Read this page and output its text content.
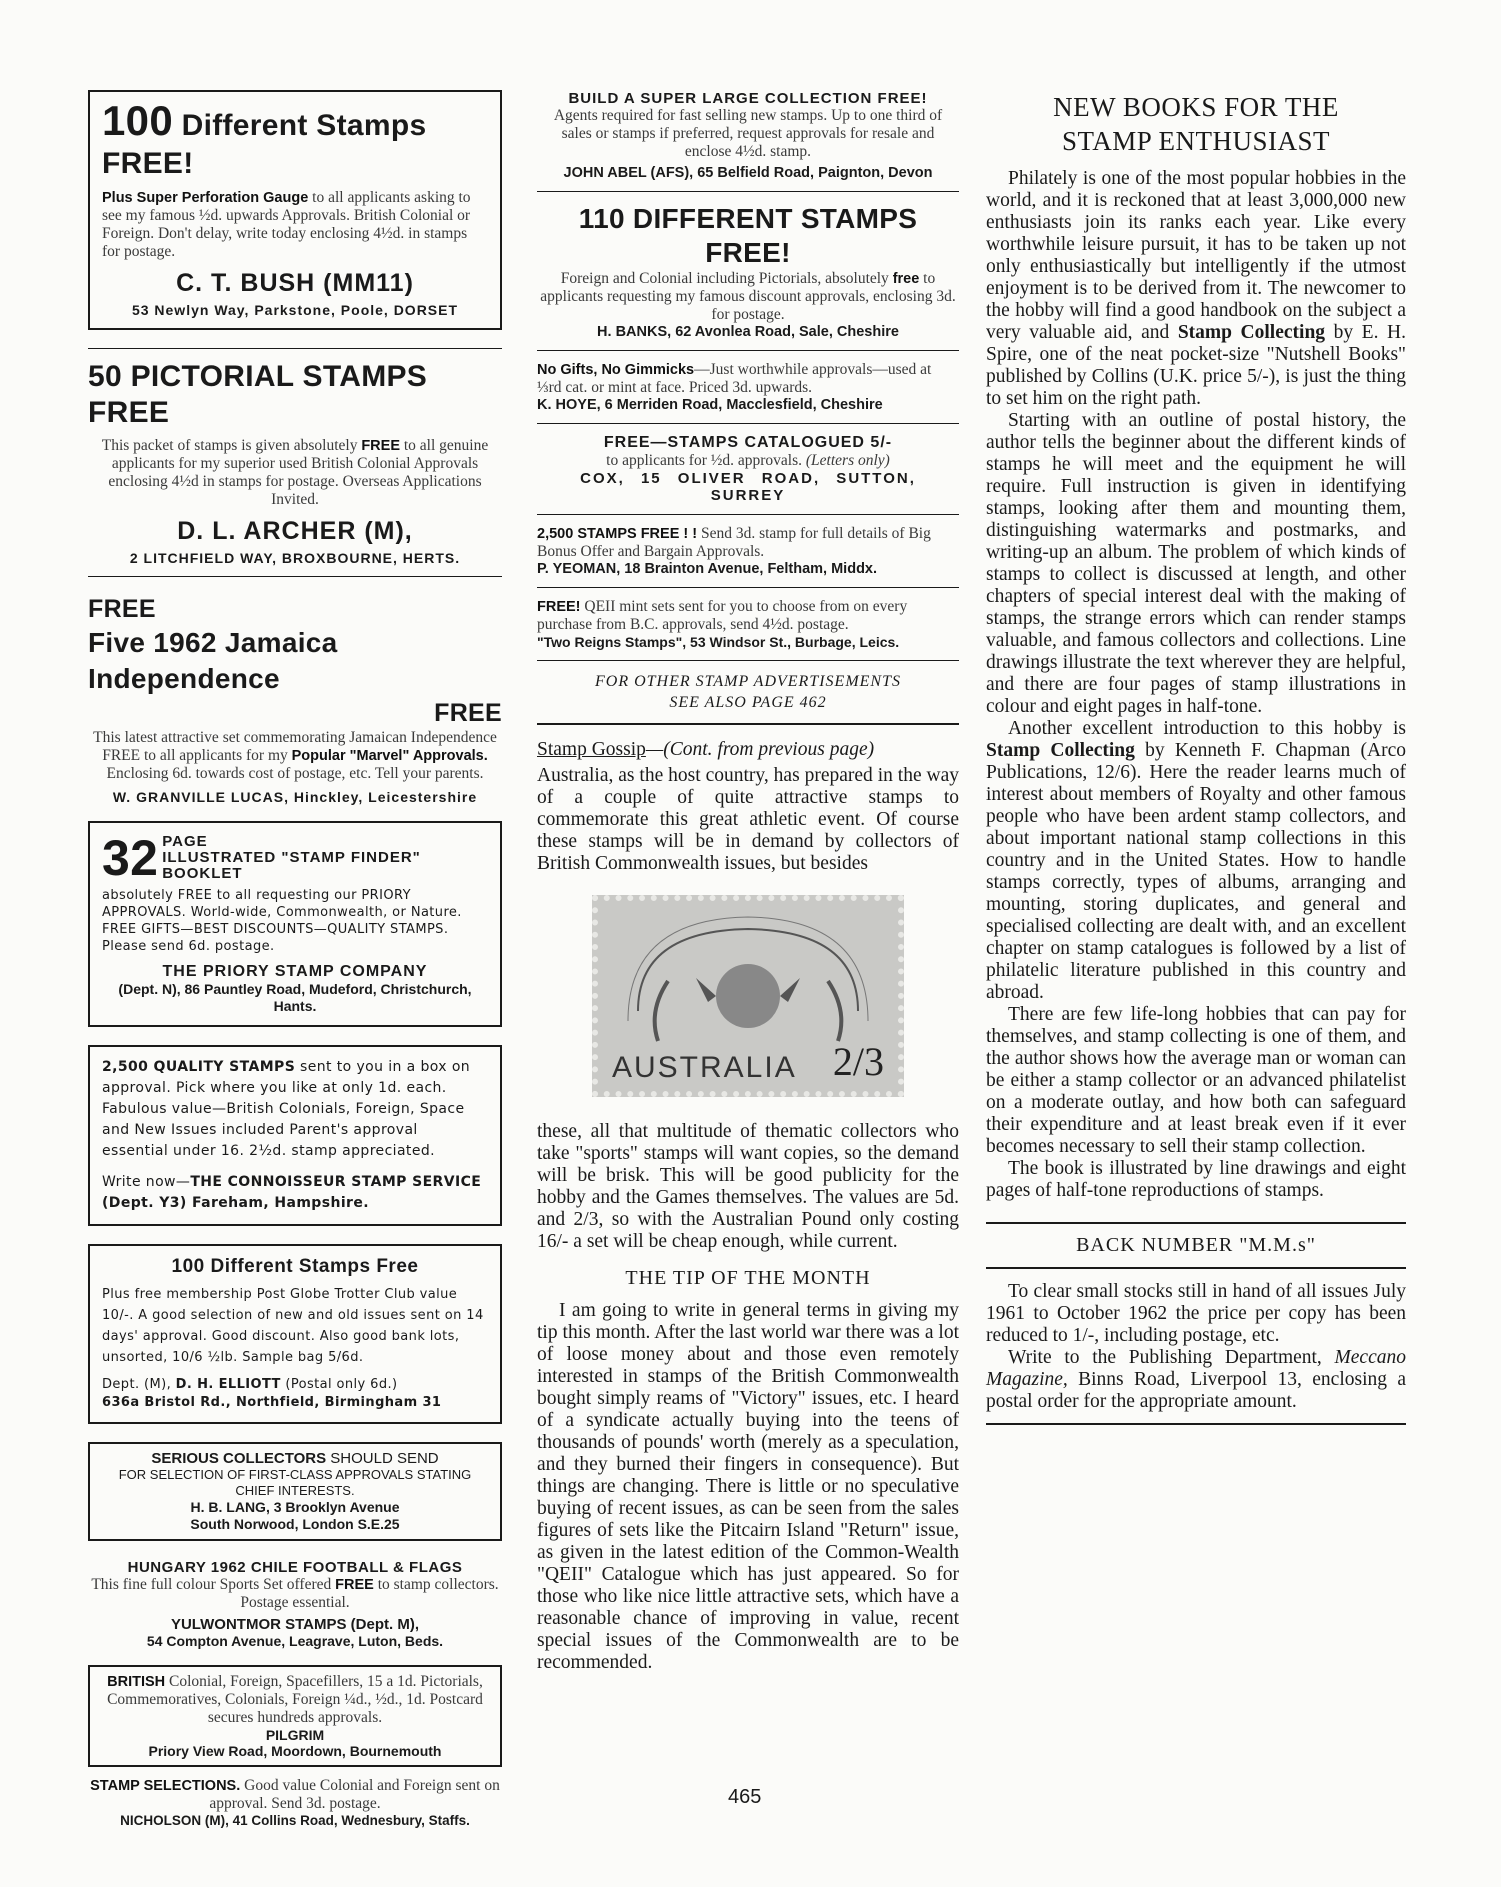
100 Different Stamps FREE!

Plus Super Perforation Gauge to all applicants asking to see my famous ½d. upwards Approvals. British Colonial or Foreign. Don't delay, write today enclosing 4½d. in stamps for postage.

C. T. BUSH (MM11)

53 Newlyn Way, Parkstone, Poole, DORSET

50 PICTORIAL STAMPS FREE

This packet of stamps is given absolutely FREE to all genuine applicants for my superior used British Colonial Approvals enclosing 4½d in stamps for postage. Overseas Applications Invited.

D. L. ARCHER (M),

2 LITCHFIELD WAY, BROXBOURNE, HERTS.

FREE

Five 1962 Jamaica Independence

FREE

This latest attractive set commemorating Jamaican Independence FREE to all applicants for my Popular "Marvel" Approvals. Enclosing 6d. towards cost of postage, etc. Tell your parents.

W. GRANVILLE LUCAS, Hinckley, Leicestershire

32 PAGE
ILLUSTRATED "STAMP FINDER"
BOOKLET

absolutely FREE to all requesting our PRIORY APPROVALS. World-wide, Commonwealth, or Nature. FREE GIFTS—BEST DISCOUNTS—QUALITY STAMPS. Please send 6d. postage.

THE PRIORY STAMP COMPANY

(Dept. N), 86 Pauntley Road, Mudeford, Christchurch, Hants.

2,500 QUALITY STAMPS sent to you in a box on approval. Pick where you like at only 1d. each. Fabulous value—British Colonials, Foreign, Space and New Issues included Parent's approval essential under 16. 2½d. stamp appreciated.

Write now—THE CONNOISSEUR STAMP SERVICE (Dept. Y3) Fareham, Hampshire.

100 Different Stamps Free

Plus free membership Post Globe Trotter Club value 10/-. A good selection of new and old issues sent on 14 days' approval. Good discount. Also good bank lots, unsorted, 10/6 ½lb. Sample bag 5/6d.

Dept. (M), D. H. ELLIOTT (Postal only 6d.)

636a Bristol Rd., Northfield, Birmingham 31

SERIOUS COLLECTORS SHOULD SEND

FOR SELECTION OF FIRST-CLASS APPROVALS STATING CHIEF INTERESTS.

H. B. LANG, 3 Brooklyn Avenue

South Norwood, London S.E.25

HUNGARY 1962 CHILE FOOTBALL & FLAGS

This fine full colour Sports Set offered FREE to stamp collectors. Postage essential.

YULWONTMOR STAMPS (Dept. M),

54 Compton Avenue, Leagrave, Luton, Beds.

BRITISH Colonial, Foreign, Spacefillers, 15 a 1d. Pictorials, Commemoratives, Colonials, Foreign ¼d., ½d., 1d. Postcard secures hundreds approvals.

PILGRIM

Priory View Road, Moordown, Bournemouth

STAMP SELECTIONS. Good value Colonial and Foreign sent on approval. Send 3d. postage.

NICHOLSON (M), 41 Collins Road, Wednesbury, Staffs.

BUILD A SUPER LARGE COLLECTION FREE!

Agents required for fast selling new stamps. Up to one third of sales or stamps if preferred, request approvals for resale and enclose 4½d. stamp.

JOHN ABEL (AFS), 65 Belfield Road, Paignton, Devon

110 DIFFERENT STAMPS FREE!

Foreign and Colonial including Pictorials, absolutely free to applicants requesting my famous discount approvals, enclosing 3d. for postage.

H. BANKS, 62 Avonlea Road, Sale, Cheshire

No Gifts, No Gimmicks—Just worthwhile approvals—used at ⅓rd cat. or mint at face. Priced 3d. upwards.

K. HOYE, 6 Merriden Road, Macclesfield, Cheshire

FREE—STAMPS CATALOGUED 5/-

to applicants for ½d. approvals. (Letters only)

COX, 15 OLIVER ROAD, SUTTON, SURREY

2,500 STAMPS FREE ! ! Send 3d. stamp for full details of Big Bonus Offer and Bargain Approvals.

P. YEOMAN, 18 Brainton Avenue, Feltham, Middx.

FREE! QEII mint sets sent for you to choose from on every purchase from B.C. approvals, send 4½d. postage.

"Two Reigns Stamps", 53 Windsor St., Burbage, Leics.

FOR OTHER STAMP ADVERTISEMENTS

SEE ALSO PAGE 462

Stamp Gossip—(Cont. from previous page)

Australia, as the host country, has prepared in the way of a couple of quite attractive stamps to commemorate this great athletic event. Of course these stamps will be in demand by collectors of British Commonwealth issues, but besides

AUSTRALIA 2/3

these, all that multitude of thematic collectors who take "sports" stamps will want copies, so the demand will be brisk. This will be good publicity for the hobby and the Games themselves. The values are 5d. and 2/3, so with the Australian Pound only costing 16/- a set will be cheap enough, while current.

THE TIP OF THE MONTH

I am going to write in general terms in giving my tip this month. After the last world war there was a lot of loose money about and those even remotely interested in stamps of the British Commonwealth bought simply reams of "Victory" issues, etc. I heard of a syndicate actually buying into the teens of thousands of pounds' worth (merely as a speculation, and they burned their fingers in consequence). But things are changing. There is little or no speculative buying of recent issues, as can be seen from the sales figures of sets like the Pitcairn Island "Return" issue, as given in the latest edition of the Common-Wealth "QEII" Catalogue which has just appeared. So for those who like nice little attractive sets, which have a reasonable chance of improving in value, recent special issues of the Commonwealth are to be recommended.

NEW BOOKS FOR THE
STAMP ENTHUSIAST

Philately is one of the most popular hobbies in the world, and it is reckoned that at least 3,000,000 new enthusiasts join its ranks each year. Like every worthwhile leisure pursuit, it has to be taken up not only enthusiastically but intelligently if the utmost enjoyment is to be derived from it. The newcomer to the hobby will find a good handbook on the subject a very valuable aid, and Stamp Collecting by E. H. Spire, one of the neat pocket-size "Nutshell Books" published by Collins (U.K. price 5/-), is just the thing to set him on the right path.

Starting with an outline of postal history, the author tells the beginner about the different kinds of stamps he will meet and the equipment he will require. Full instruction is given in identifying stamps, looking after them and mounting them, distinguishing watermarks and postmarks, and writing-up an album. The problem of which kinds of stamps to collect is discussed at length, and other chapters of special interest deal with the making of stamps, the strange errors which can render stamps valuable, and famous collectors and collections. Line drawings illustrate the text wherever they are helpful, and there are four pages of stamp illustrations in colour and eight pages in half-tone.

Another excellent introduction to this hobby is Stamp Collecting by Kenneth F. Chapman (Arco Publications, 12/6). Here the reader learns much of interest about members of Royalty and other famous people who have been ardent stamp collectors, and about important national stamp collections in this country and in the United States. How to handle stamps correctly, types of albums, arranging and mounting, storing duplicates, and general and specialised collecting are dealt with, and an excellent chapter on stamp catalogues is followed by a list of philatelic literature published in this country and abroad.

There are few life-long hobbies that can pay for themselves, and stamp collecting is one of them, and the author shows how the average man or woman can be either a stamp collector or an advanced philatelist on a moderate outlay, and how both can safeguard their expenditure and at least break even if it ever becomes necessary to sell their stamp collection.

The book is illustrated by line drawings and eight pages of half-tone reproductions of stamps.

BACK NUMBER "M.M.s"

To clear small stocks still in hand of all issues July 1961 to October 1962 the price per copy has been reduced to 1/-, including postage, etc.

Write to the Publishing Department, Meccano Magazine, Binns Road, Liverpool 13, enclosing a postal order for the appropriate amount.

465
